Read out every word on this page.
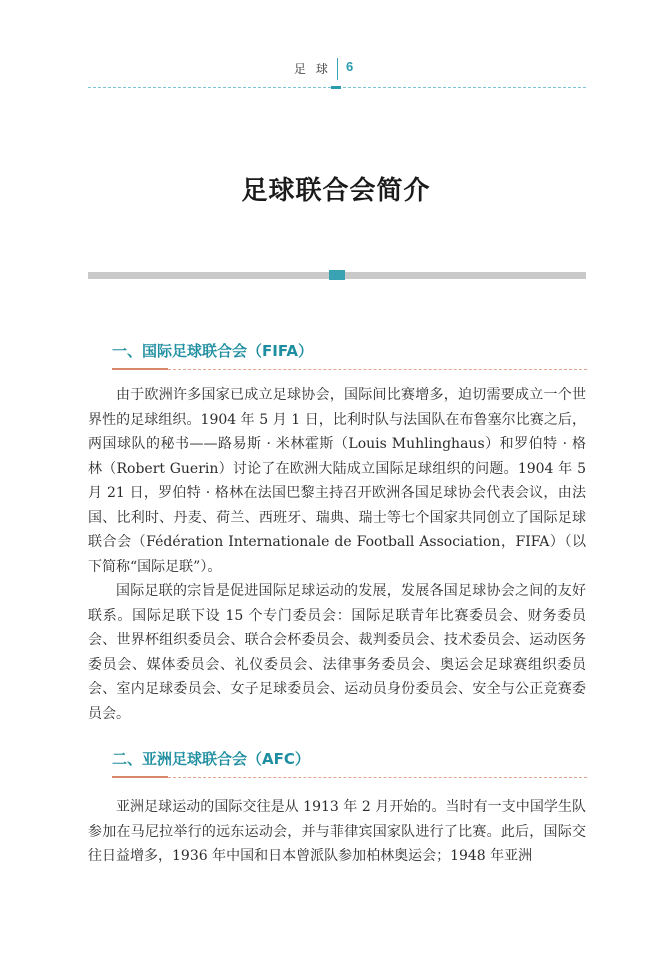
足 球 6
足球联合会简介
一、国际足球联合会（FIFA）

由于欧洲许多国家已成立足球协会，国际间比赛增多，迫切需要成立一个世界性的足球组织。1904 年 5 月 1 日，比利时队与法国队在布鲁塞尔比赛之后，两国球队的秘书——路易斯 · 米林霍斯（Louis Muhlinghaus）和罗伯特 · 格林（Robert Guerin）讨论了在欧洲大陆成立国际足球组织的问题。1904 年 5 月 21 日，罗伯特 · 格林在法国巴黎主持召开欧洲各国足球协会代表会议，由法国、比利时、丹麦、荷兰、西班牙、瑞典、瑞士等七个国家共同创立了国际足球联合会（Fédération Internationale de Football Association，FIFA）（以下简称“国际足联”）。

国际足联的宗旨是促进国际足球运动的发展，发展各国足球协会之间的友好联系。国际足联下设 15 个专门委员会：国际足联青年比赛委员会、财务委员会、世界杯组织委员会、联合会杯委员会、裁判委员会、技术委员会、运动医务委员会、媒体委员会、礼仪委员会、法律事务委员会、奥运会足球赛组织委员会、室内足球委员会、女子足球委员会、运动员身份委员会、安全与公正竞赛委员会。

二、亚洲足球联合会（AFC）

亚洲足球运动的国际交往是从 1913 年 2 月开始的。当时有一支中国学生队参加在马尼拉举行的远东运动会，并与菲律宾国家队进行了比赛。此后，国际交往日益增多，1936 年中国和日本曾派队参加柏林奥运会；1948 年亚洲
